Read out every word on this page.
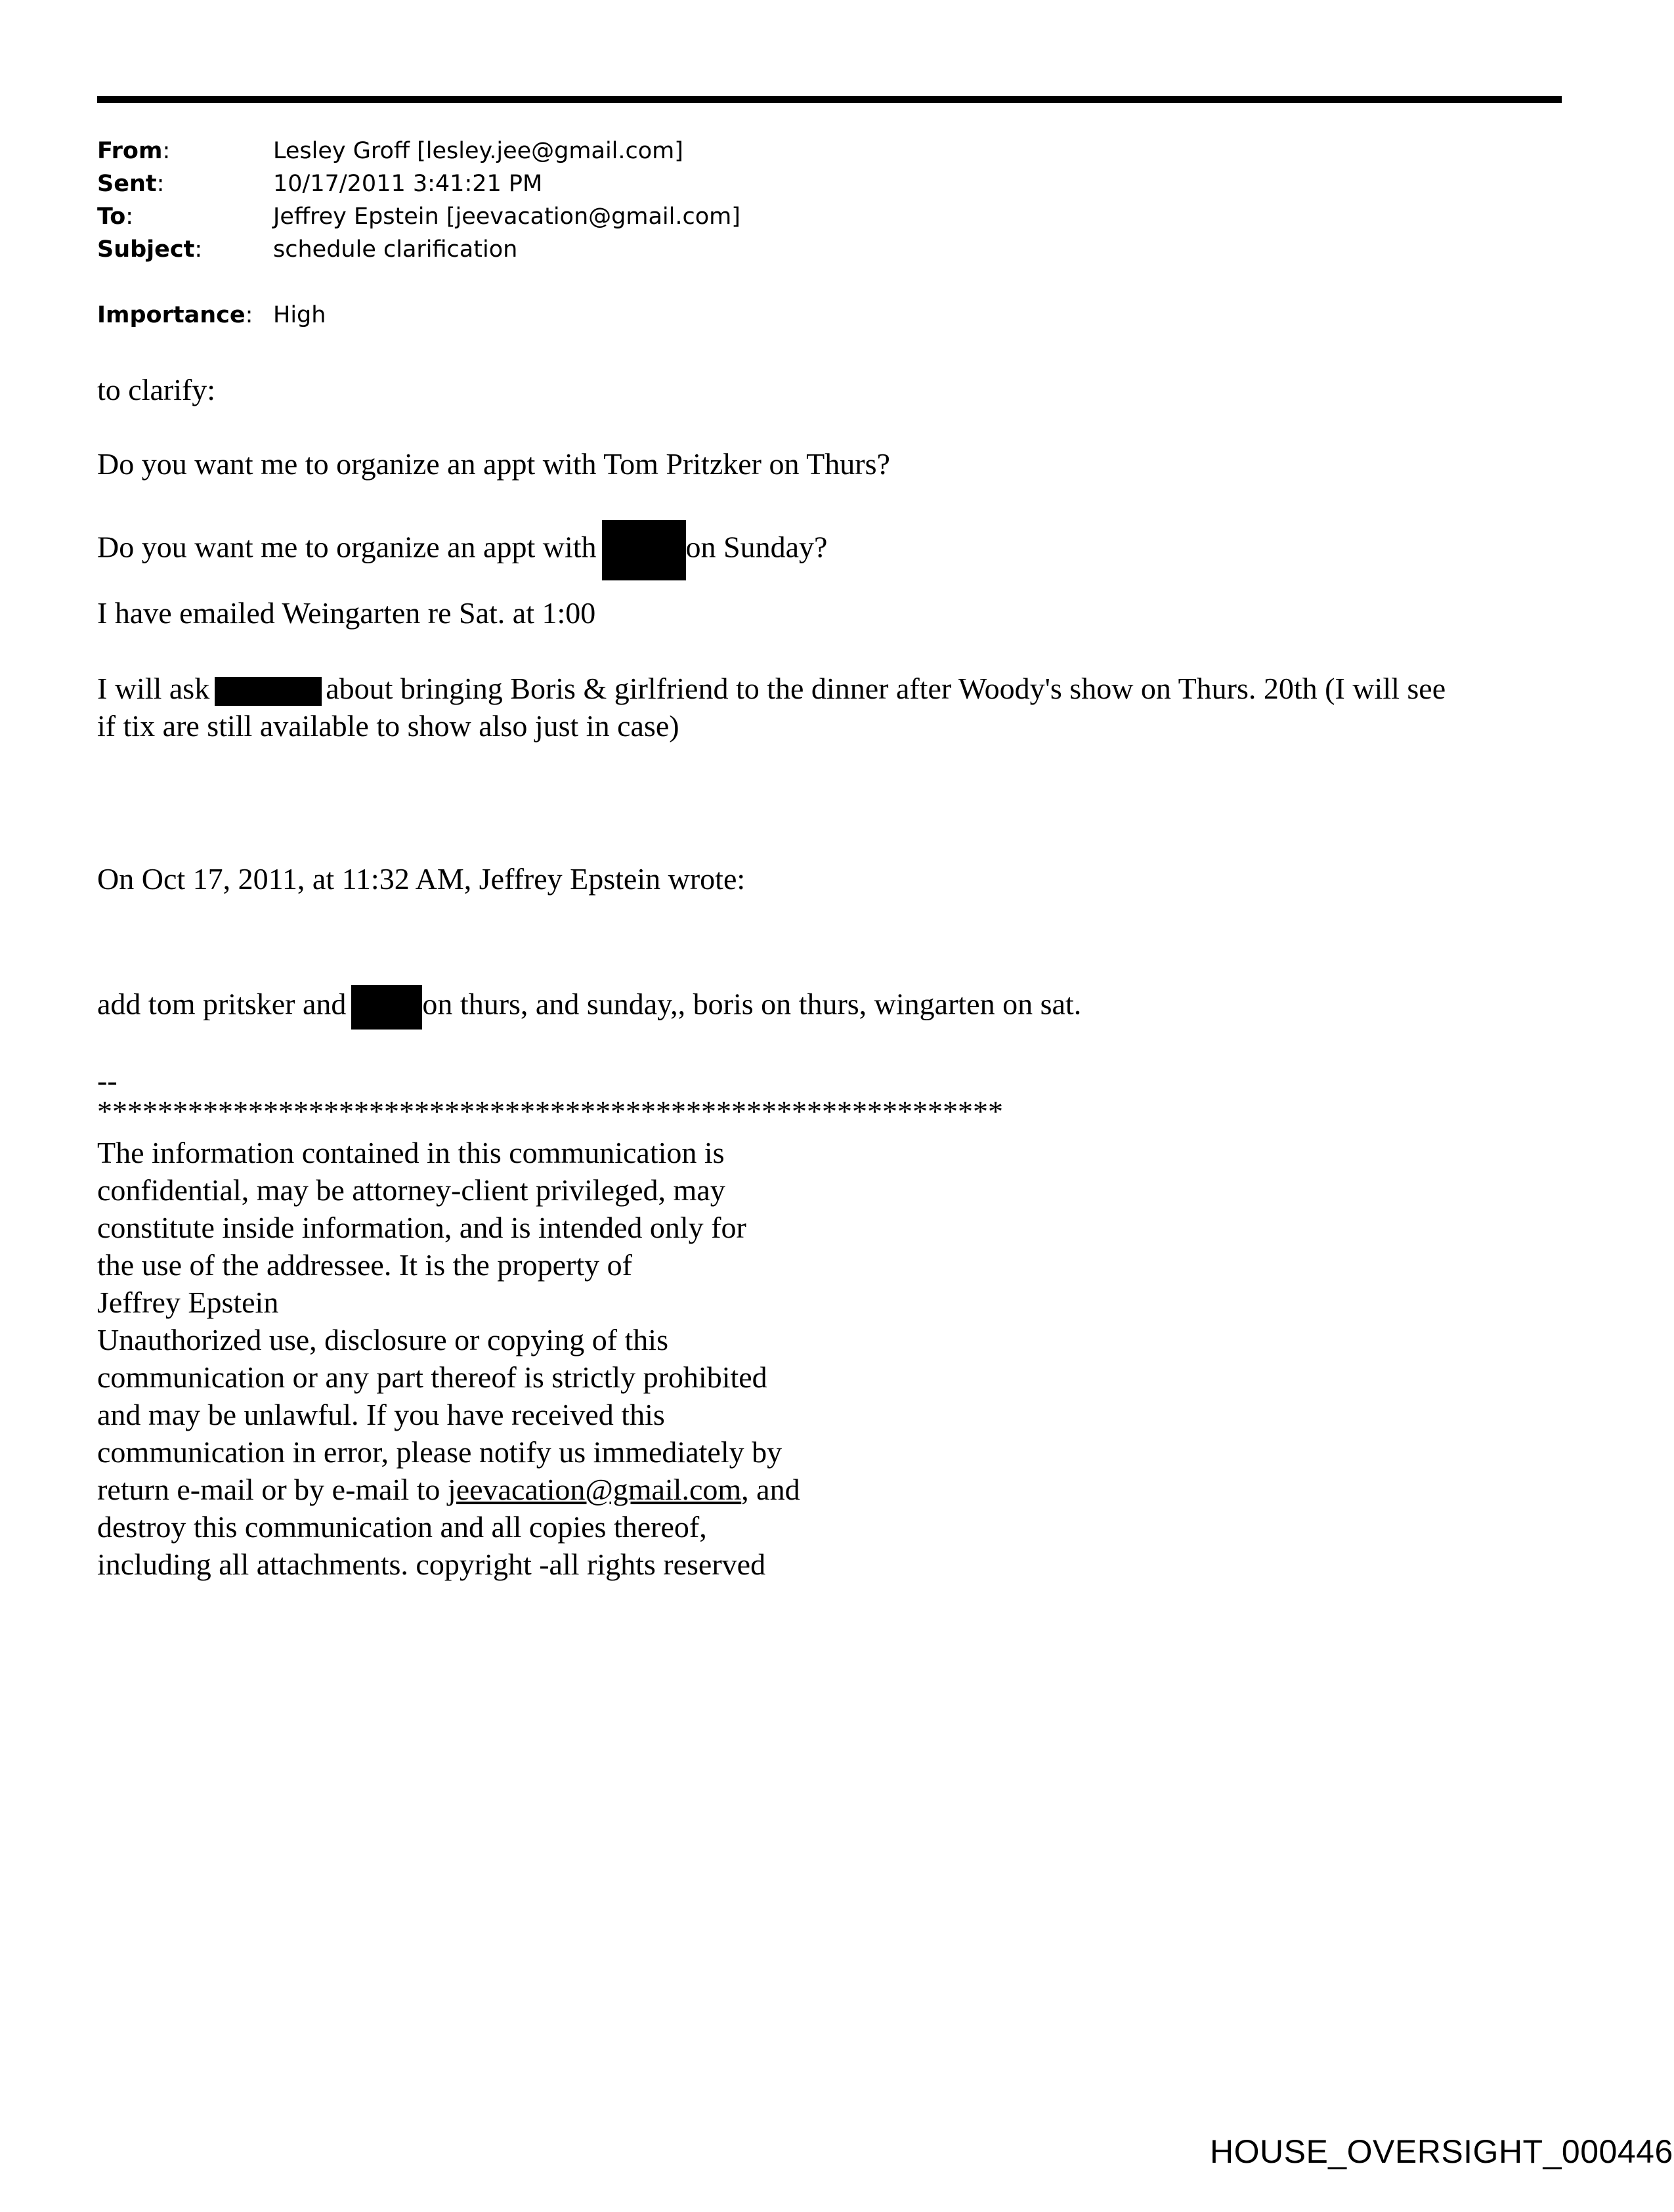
From:	Lesley Groff [lesley.jee@gmail.com]
Sent:	10/17/2011 3:41:21 PM
To:	Jeffrey Epstein [jeevacation@gmail.com]
Subject:	schedule clarification
Importance: High
to clarify:
Do you want me to organize an appt with Tom Pritzker on Thurs?
Do you want me to organize an appt with	on Sunday?
I have emailed Weingarten re Sat. at 1:00
I will ask	about bringing Boris & girlfriend to the dinner after Woody's show on Thurs. 20th (I will see
if tix are still available to show also just in case)
On Oct 17, 2011, at 11:32 AM, Jeffrey Epstein wrote:
add tom pritsker and	on thurs, and sunday,, boris on thurs, wingarten on sat.
--
************************************************************
The information contained in this communication is
confidential, may be attorney-client privileged, may
constitute inside information, and is intended only for
the use of the addressee. It is the property of
Jeffrey Epstein
Unauthorized use, disclosure or copying of this
communication or any part thereof is strictly prohibited
and may be unlawful. If you have received this
communication in error, please notify us immediately by
return e-mail or by e-mail to jeevacation@gmail.com, and
destroy this communication and all copies thereof,
including all attachments. copyright -all rights reserved
HOUSE_OVERSIGHT_000446
